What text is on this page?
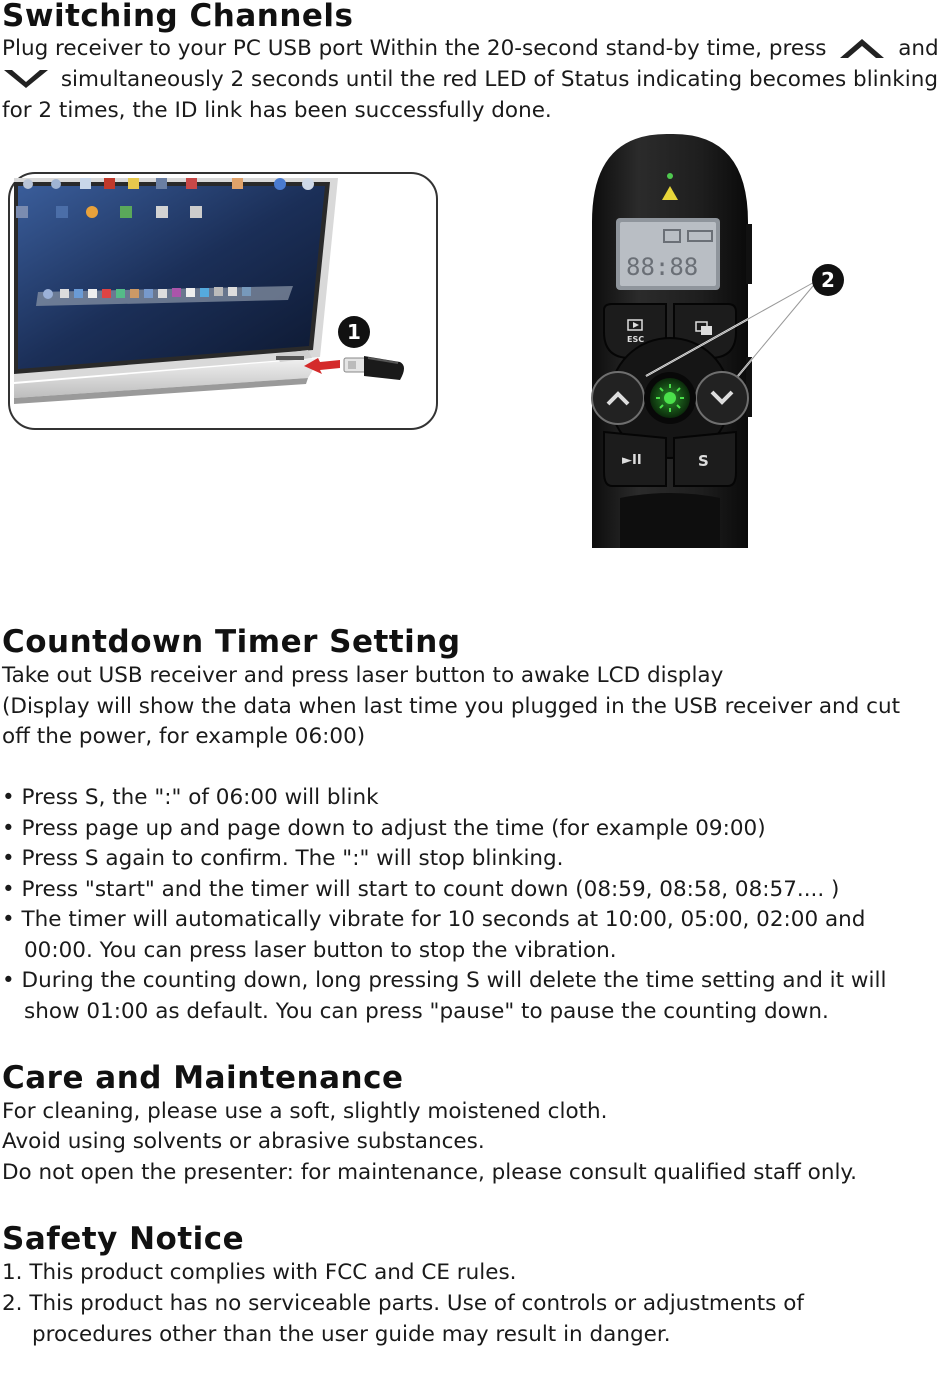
Switching Channels

Plug receiver to your PC USB port Within the 20-second stand-by time, press	and

simultaneously 2 seconds until the red LED of Status indicating becomes blinking

for 2 times, the ID link has been successfully done.

1
88:88
ESC
►II	S
2
Countdown Timer Setting

Take out USB receiver and press laser button to awake LCD display

(Display will show the data when last time you plugged in the USB receiver and cut

off the power, for example 06:00)

• Press S, the ":" of 06:00 will blink

• Press page up and page down to adjust the time (for example 09:00)

• Press S again to confirm. The ":" will stop blinking.

• Press "start" and the timer will start to count down (08:59, 08:58, 08:57.... )

• The timer will automatically vibrate for 10 seconds at 10:00, 05:00, 02:00 and 00:00. You can press laser button to stop the vibration.

• During the counting down, long pressing S will delete the time setting and it will show 01:00 as default. You can press "pause" to pause the counting down.

Care and Maintenance

For cleaning, please use a soft, slightly moistened cloth.

Avoid using solvents or abrasive substances.

Do not open the presenter: for maintenance, please consult qualified staff only.

Safety Notice

1. This product complies with FCC and CE rules.

2. This product has no serviceable parts. Use of controls or adjustments of procedures other than the user guide may result in danger.
